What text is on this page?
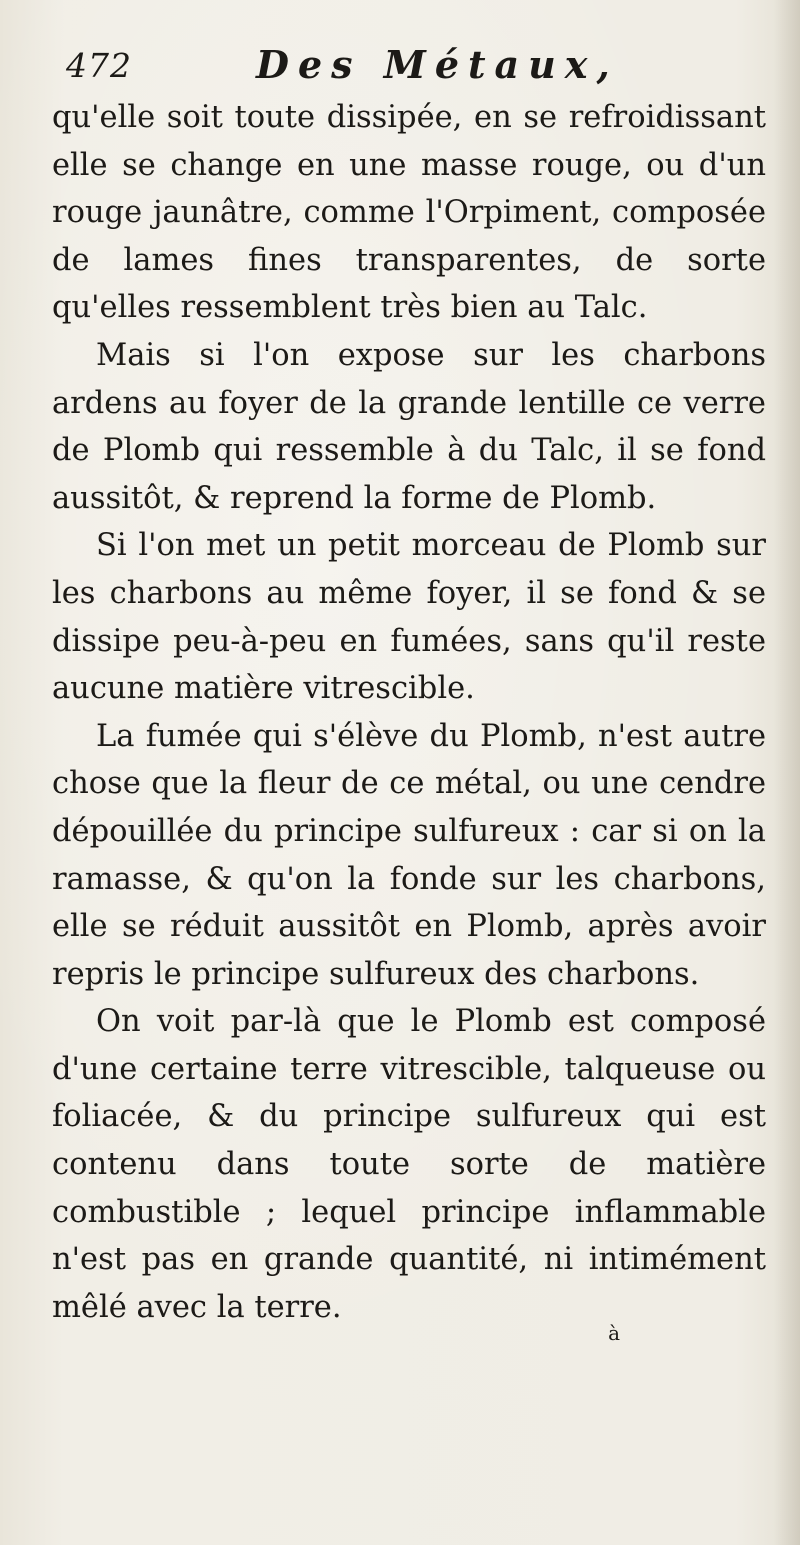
472	Des Métaux,

qu'elle soit toute dissipée, en se refroidissant elle se change en une masse rouge, ou d'un rouge jaunâtre, comme l'Orpiment, composée de lames fines transparentes, de sorte qu'elles ressemblent très bien au Talc.

Mais si l'on expose sur les charbons ardens au foyer de la grande lentille ce verre de Plomb qui ressemble à du Talc, il se fond aussitôt, & reprend la forme de Plomb.

Si l'on met un petit morceau de Plomb sur les charbons au même foyer, il se fond & se dissipe peu-à-peu en fumées, sans qu'il reste aucune matière vitrescible.

La fumée qui s'élève du Plomb, n'est autre chose que la fleur de ce métal, ou une cendre dépouillée du principe sulfureux : car si on la ramasse, & qu'on la fonde sur les charbons, elle se réduit aussitôt en Plomb, après avoir repris le principe sulfureux des charbons.

On voit par-là que le Plomb est composé d'une certaine terre vitrescible, talqueuse ou foliacée, & du principe sulfureux qui est contenu dans toute sorte de matière combustible ; lequel principe inflammable n'est pas en grande quantité, ni intimément mêlé avec la terre.

à
